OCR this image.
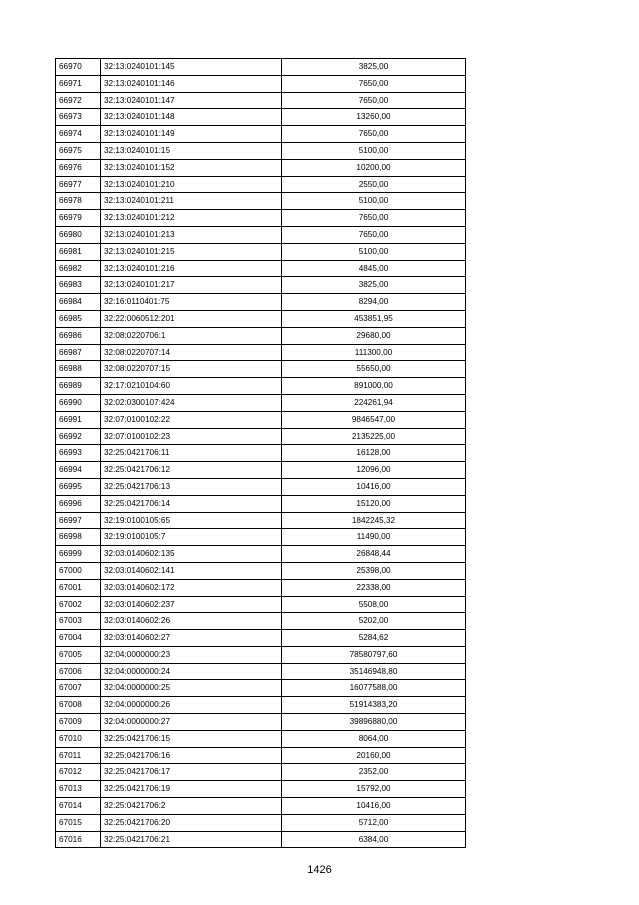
66970	32:13:0240101:145	3825,00
66971	32:13:0240101:146	7650,00
66972	32:13:0240101:147	7650,00
66973	32:13:0240101:148	13260,00
66974	32:13:0240101:149	7650,00
66975	32:13:0240101:15	5100,00
66976	32:13:0240101:152	10200,00
66977	32:13:0240101:210	2550,00
66978	32:13:0240101:211	5100,00
66979	32:13:0240101:212	7650,00
66980	32:13:0240101:213	7650,00
66981	32:13:0240101:215	5100,00
66982	32:13:0240101:216	4845,00
66983	32:13:0240101:217	3825,00
66984	32:16:0110401:75	8294,00
66985	32:22:0060512:201	453851,95
66986	32:08:0220706:1	29680,00
66987	32:08:0220707:14	111300,00
66988	32:08:0220707:15	55650,00
66989	32:17:0210104:60	891000,00
66990	32:02:0300107:424	224261,94
66991	32:07:0100102:22	9846547,00
66992	32:07:0100102:23	2135225,00
66993	32:25:0421706:11	16128,00
66994	32:25:0421706:12	12096,00
66995	32:25:0421706:13	10416,00
66996	32:25:0421706:14	15120,00
66997	32:19:0100105:65	1842245,32
66998	32:19:0100105:7	11490,00
66999	32:03:0140602:135	26848,44
67000	32:03:0140602:141	25398,00
67001	32:03:0140602:172	22338,00
67002	32:03:0140602:237	5508,00
67003	32:03:0140602:26	5202,00
67004	32:03:0140602:27	5284,62
67005	32:04:0000000:23	78580797,60
67006	32:04:0000000:24	35146948,80
67007	32:04:0000000:25	16077588,00
67008	32:04:0000000:26	51914383,20
67009	32:04:0000000:27	39896880,00
67010	32:25:0421706:15	8064,00
67011	32:25:0421706:16	20160,00
67012	32:25:0421706:17	2352,00
67013	32:25:0421706:19	15792,00
67014	32:25:0421706:2	10416,00
67015	32:25:0421706:20	5712,00
67016	32:25:0421706:21	6384,00
1426
